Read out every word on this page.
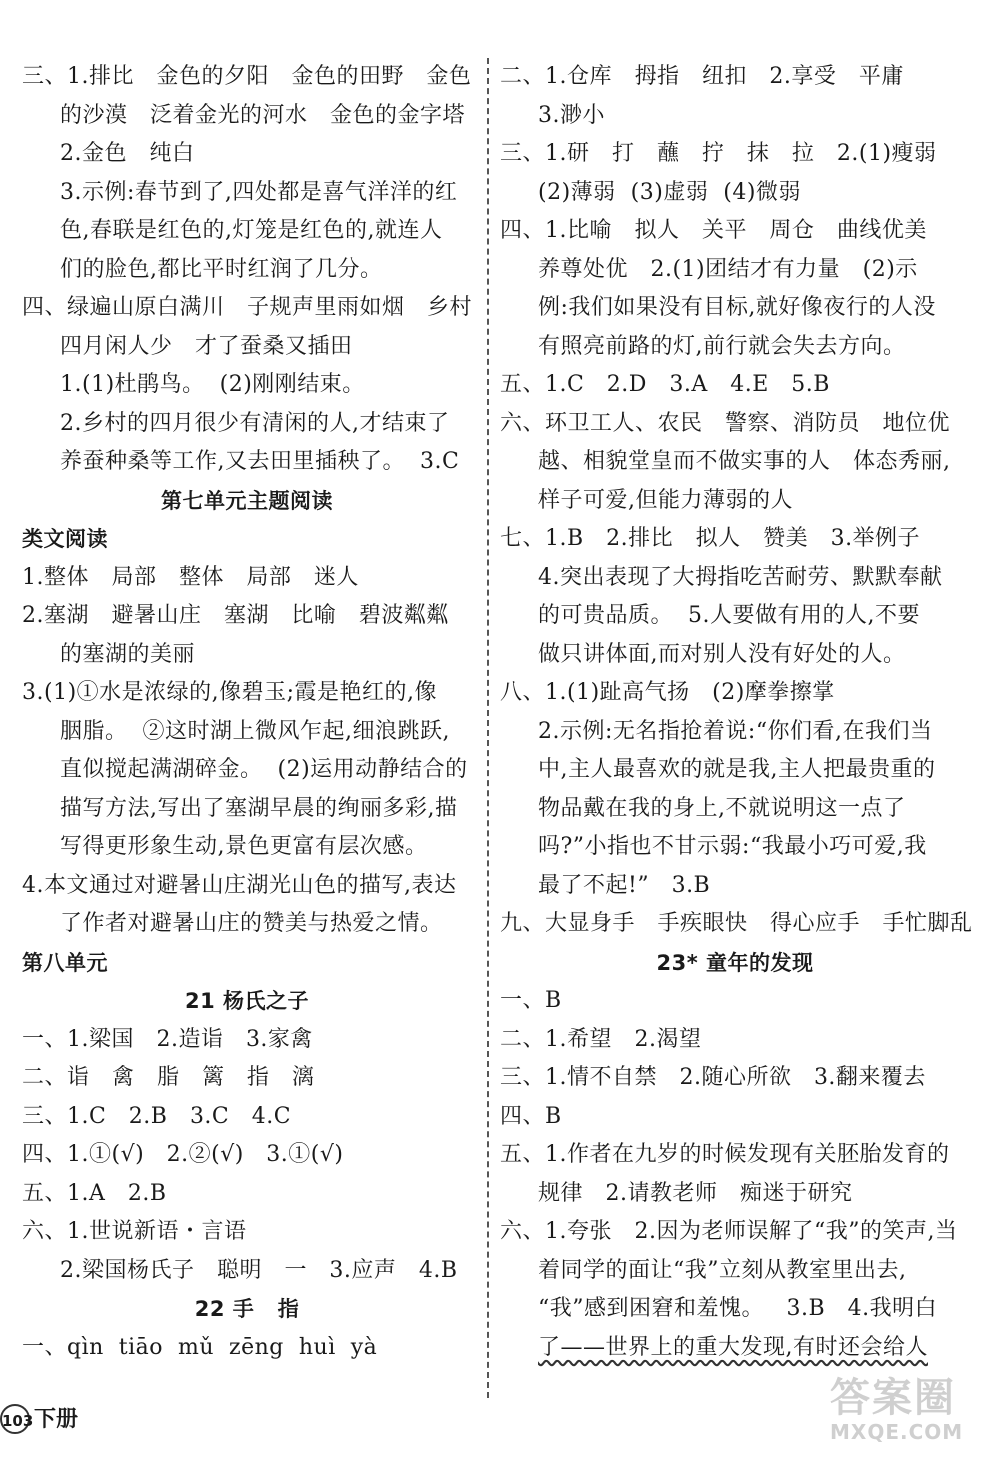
三、1.排比   金色的夕阳   金色的田野   金色
的沙漠   泛着金光的河水   金色的金字塔
2.金色   纯白
3.示例:春节到了,四处都是喜气洋洋的红
色,春联是红色的,灯笼是红色的,就连人
们的脸色,都比平时红润了几分。
四、绿遍山原白满川   子规声里雨如烟   乡村
四月闲人少   才了蚕桑又插田
1.(1)杜鹃鸟。  (2)刚刚结束。
2.乡村的四月很少有清闲的人,才结束了
养蚕种桑等工作,又去田里插秧了。  3.C
第七单元主题阅读
类文阅读
1.整体   局部   整体   局部   迷人
2.塞湖   避暑山庄   塞湖   比喻   碧波粼粼
的塞湖的美丽
3.(1)①水是浓绿的,像碧玉;霞是艳红的,像
胭脂。  ②这时湖上微风乍起,细浪跳跃,
直似搅起满湖碎金。  (2)运用动静结合的
描写方法,写出了塞湖早晨的绚丽多彩,描
写得更形象生动,景色更富有层次感。
4.本文通过对避暑山庄湖光山色的描写,表达
了作者对避暑山庄的赞美与热爱之情。
第八单元
21 杨氏之子
一、1.梁国   2.造诣   3.家禽
二、诣   禽   脂   篱   指   漓
三、1.C   2.B   3.C   4.C
四、1.①(√)   2.②(√)   3.①(√)
五、1.A   2.B
六、1.世说新语・言语
2.梁国杨氏子   聪明   一   3.应声   4.B
22 手   指
一、qìn  tiāo  mǔ  zēng  huì  yà
二、1.仓库   拇指   纽扣   2.享受   平庸
3.渺小
三、1.研   打   蘸   拧   抹   拉   2.(1)瘦弱
(2)薄弱  (3)虚弱  (4)微弱
四、1.比喻   拟人   关平   周仓   曲线优美
养尊处优   2.(1)团结才有力量   (2)示
例:我们如果没有目标,就好像夜行的人没
有照亮前路的灯,前行就会失去方向。
五、1.C   2.D   3.A   4.E   5.B
六、环卫工人、农民   警察、消防员   地位优
越、相貌堂皇而不做实事的人   体态秀丽,
样子可爱,但能力薄弱的人
七、1.B   2.排比   拟人   赞美   3.举例子
4.突出表现了大拇指吃苦耐劳、默默奉献
的可贵品质。  5.人要做有用的人,不要
做只讲体面,而对别人没有好处的人。
八、1.(1)趾高气扬   (2)摩拳擦掌
2.示例:无名指抢着说:“你们看,在我们当
中,主人最喜欢的就是我,主人把最贵重的
物品戴在我的身上,不就说明这一点了
吗?”小指也不甘示弱:“我最小巧可爱,我
最了不起!”   3.B
九、大显身手   手疾眼快   得心应手   手忙脚乱
23* 童年的发现
一、B
二、1.希望   2.渴望
三、1.情不自禁   2.随心所欲   3.翻来覆去
四、B
五、1.作者在九岁的时候发现有关胚胎发育的
规律   2.请教老师   痴迷于研究
六、1.夸张   2.因为老师误解了“我”的笑声,当
着同学的面让“我”立刻从教室里出去,
“我”感到困窘和羞愧。   3.B   4.我明白
了——世界上的重大发现,有时还会给人
103 下册	答案圈
MXQE.COM
